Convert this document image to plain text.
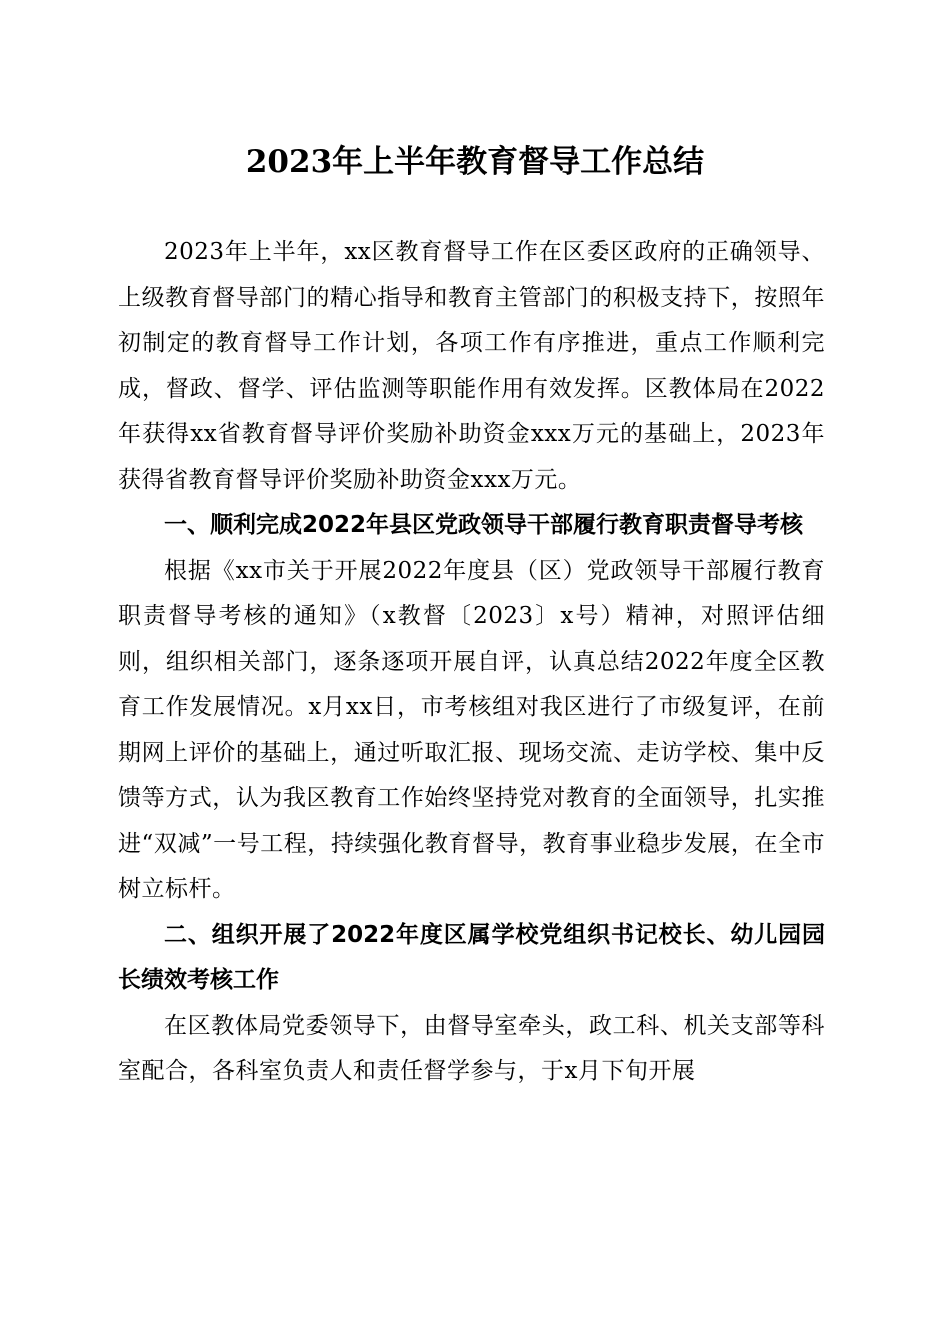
2023年上半年教育督导工作总结

2023年上半年，xx区教育督导工作在区委区政府的正确领导、上级教育督导部门的精心指导和教育主管部门的积极支持下，按照年初制定的教育督导工作计划，各项工作有序推进，重点工作顺利完成，督政、督学、评估监测等职能作用有效发挥。区教体局在2022年获得xx省教育督导评价奖励补助资金xxx万元的基础上，2023年获得省教育督导评价奖励补助资金xxx万元。

一、顺利完成2022年县区党政领导干部履行教育职责督导考核

根据《xx市关于开展2022年度县（区）党政领导干部履行教育职责督导考核的通知》（x教督〔2023〕x号）精神，对照评估细则，组织相关部门，逐条逐项开展自评，认真总结2022年度全区教育工作发展情况。x月xx日，市考核组对我区进行了市级复评，在前期网上评价的基础上，通过听取汇报、现场交流、走访学校、集中反馈等方式，认为我区教育工作始终坚持党对教育的全面领导，扎实推进“双减”一号工程，持续强化教育督导，教育事业稳步发展，在全市树立标杆。

二、组织开展了2022年度区属学校党组织书记校长、幼儿园园长绩效考核工作

在区教体局党委领导下，由督导室牵头，政工科、机关支部等科室配合，各科室负责人和责任督学参与，于x月下旬开展
